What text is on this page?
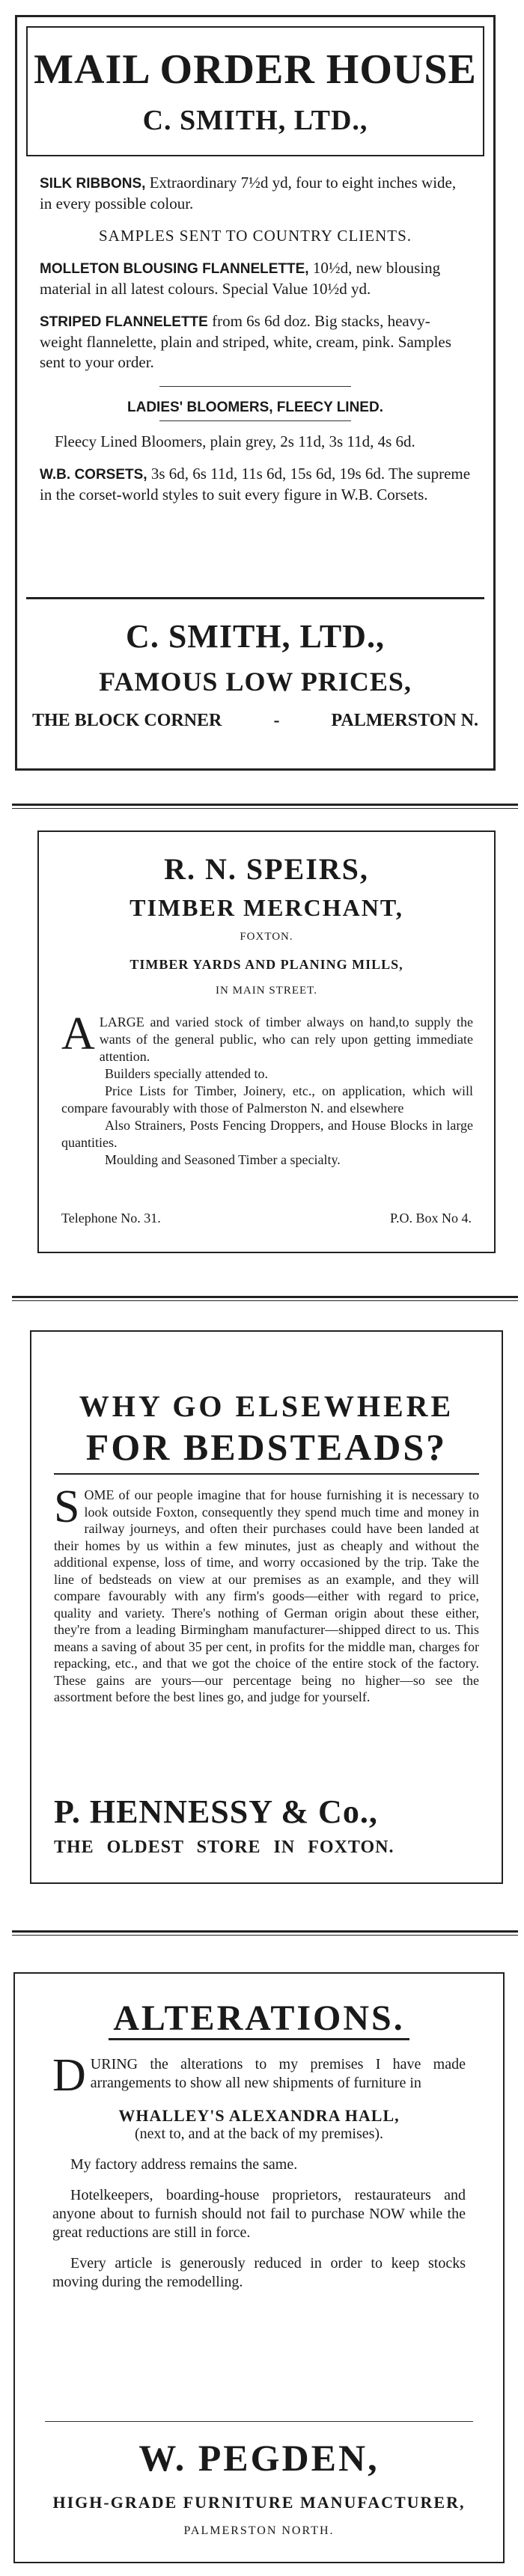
MAIL ORDER HOUSE
C. SMITH, LTD.,

SILK RIBBONS, Extraordinary 7½d yd, four to eight inches wide, in every possible colour.

SAMPLES SENT TO COUNTRY CLIENTS.

MOLLETON BLOUSING FLANNELETTE, 10½d, new blousing material in all latest colours. Special Value 10½d yd.

STRIPED FLANNELETTE from 6s 6d doz. Big stacks, heavy-weight flannelette, plain and striped, white, cream, pink. Samples sent to your order.

LADIES' BLOOMERS, FLEECY LINED.

Fleecy Lined Bloomers, plain grey, 2s 11d, 3s 11d, 4s 6d.

W.B. CORSETS, 3s 6d, 6s 11d, 11s 6d, 15s 6d, 19s 6d. The supreme in the corset-world styles to suit every figure in W.B. Corsets.

C. SMITH, LTD.,
FAMOUS LOW PRICES,
THE BLOCK CORNER	-	PALMERSTON N.
R. N. SPEIRS,
TIMBER MERCHANT,
FOXTON.
TIMBER YARDS AND PLANING MILLS,
IN MAIN STREET.

A LARGE and varied stock of timber always on hand,to supply the wants of the general public, who can rely upon getting immediate attention.

Builders specially attended to.

Price Lists for Timber, Joinery, etc., on application, which will compare favourably with those of Palmerston N. and elsewhere

Also Strainers, Posts Fencing Droppers, and House Blocks in large quantities.

Moulding and Seasoned Timber a specialty.

Telephone No. 31.	P.O. Box No 4.
WHY GO ELSEWHERE
FOR BEDSTEADS?

S OME of our people imagine that for house furnishing it is necessary to look outside Foxton, consequently they spend much time and money in railway journeys, and often their purchases could have been landed at their homes by us within a few minutes, just as cheaply and without the additional expense, loss of time, and worry occasioned by the trip. Take the line of bedsteads on view at our premises as an example, and they will compare favourably with any firm's goods—either with regard to price, quality and variety. There's nothing of German origin about these either, they're from a leading Birmingham manufacturer—shipped direct to us. This means a saving of about 35 per cent, in profits for the middle man, charges for repacking, etc., and that we got the choice of the entire stock of the factory. These gains are yours—our percentage being no higher—so see the assortment before the best lines go, and judge for yourself.

P. HENNESSY & Co.,
THE OLDEST STORE IN FOXTON.
ALTERATIONS.

D URING the alterations to my premises I have made arrangements to show all new shipments of furniture in

WHALLEY'S ALEXANDRA HALL,

(next to, and at the back of my premises).

My factory address remains the same.

Hotelkeepers, boarding-house proprietors, restaurateurs and anyone about to furnish should not fail to purchase NOW while the great reductions are still in force.

Every article is generously reduced in order to keep stocks moving during the remodelling.

W. PEGDEN,
HIGH-GRADE FURNITURE MANUFACTURER,
PALMERSTON NORTH.
